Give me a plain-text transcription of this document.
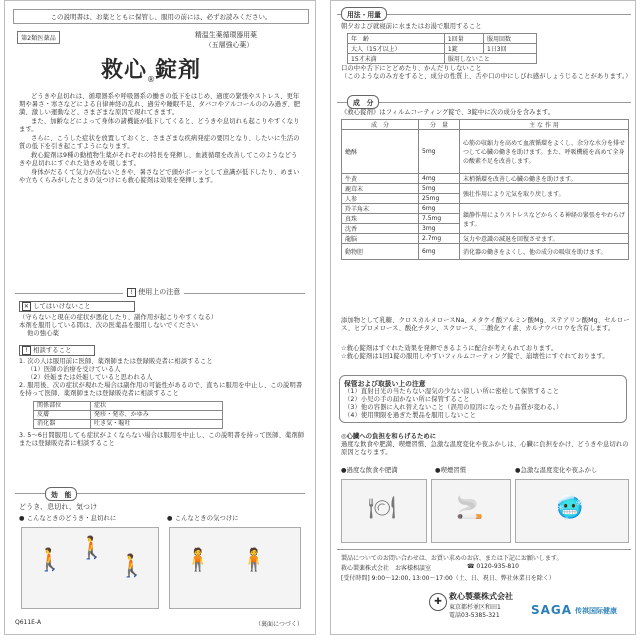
この説明書は、お薬とともに保管し、服用の前には、必ずお読みください。
第2類医薬品	精温生薬循環器用薬
（五層強心薬）
救心®錠剤

どうきや息切れは、循環器系や呼吸器系の働きの低下をはじめ、過度の緊張やストレス、更年期や暑さ・寒さなどによる自律神経の乱れ、過労や睡眠不足、タバコやアルコールののみ過ぎ、肥満、激しい運動など、さまざまな原因で現れてきます。

また、加齢などによって身体の諸機能が低下してくると、どうきや息切れも起こりやすくなります。

さらに、こうした症状を放置しておくと、さまざまな疾病発症の要因となり、したいに生活の質の低下を引き起こすようになります。

救心錠剤は9種の動植物生薬がそれぞれの特長を発揮し、血液循環を改善してこのようなどうきや息切れにすぐれた効きめを現します。

身体がだるくて気力が出ないときや、暑さなどで頭がボーッとして意識が低下したり、めまいや立ちくらみがしたときの気つけにも救心錠剤は効果を発揮します。

! 使用上の注意
✕ してはいけないこと
（守らないと現在の症状が悪化したり、副作用が起こりやすくなる）
本剤を服用している間は、次の医薬品を服用しないでください
他の強心薬
! 相談すること
1. 次の人は服用前に医師、薬剤師または登録販売者に相談すること
（1）医師の治療を受けている人
（2）妊娠または妊娠していると思われる人
2. 服用後、次の症状が現れた場合は副作用の可能性があるので、直ちに服用を中止し、この説明書を持って医師、薬剤師または登録販売者に相談すること
関係部位	症状
皮膚	発疹・発赤、かゆみ
消化器	吐き気・嘔吐
3. 5〜6日間服用しても症状がよくならない場合は服用を中止し、この説明書を持って医師、薬剤師または登録販売者に相談すること
効　能
どうき、息切れ、気つけ
● こんなときのどうき・息切れに	● こんなときの気つけに
🚶 🚶
🚶 🧍 🧍
Q611E-A	（裏面につづく）
用法・用量
朝夕および就寝前に水またはお湯で服用すること
年　齢	1回量	服用回数
大人（15才以上）	1錠	1日3回
15才未満	服用しないこと	
口の中や舌下にとどめたり、かんだりしないこと
（このようなのみ方をすると、成分の性質上、舌や口の中にしびれ感がしょうじることがあります。）
成　分
《救心錠剤》はフィルムコーティング錠で、3錠中に次の成分を含みます。
成　分	分　量	主 な 作 用
蟾酥	5mg	心筋の収縮力を高めて血液循環をよくし、余分な水分を排せつして心臓の働きを助けます。また、呼吸機能を高めて全身の酸素不足を改善します。
牛黄	4mg	末梢循環を改善し心臓の働きを助けます。
鹿茸末	5mg	強壮作用により元気を取り戻します。
人参	25mg	
羚羊角末	6mg	鎮静作用によりストレスなどからくる神経の緊張をやわらげます。
真珠	7.5mg	
沈香	3mg	
龍脳	2.7mg	気力や意識の減退を回復させます。
動物胆	6mg	消化器の働きをよくし、他の成分の吸収を助けます。
添加物として乳糖、クロスカルメロースNa、メタケイ酸アルミン酸Mg、ステアリン酸Mg、セルロース、ヒプロメロース、酸化チタン、スクロース、二酸化ケイ素、カルナウバロウを含有します。
☆救心錠剤はすぐれた効果を発揮できるように配合が考えられております。
☆救心錠剤は1回1錠の服用しやすいフィルムコーティング錠で、崩壊性にすぐれております。
保管および取扱い上の注意
（1）直射日光の当たらない湿気の少ない涼しい所に密栓して保管すること
（2）小児の手の届かない所に保管すること
（3）他の容器に入れ替えないこと（誤用の原因になったり品質が変わる。）
（4）使用期限を過ぎた製品を服用しないこと
◎心臓への負担を和らげるために
過度な飲食や肥満、喫煙習慣、急激な温度変化や夜ふかしは、心臓に負担をかけ、どうきや息切れの原因となります。
●過度な飲食や肥満	●喫煙習慣	●急激な温度変化や夜ふかし
🍽	🚬	🥶
製品についてのお問い合わせは、お買い求めのお店、または下記にお願いします。
救心製薬株式会社　お客様相談室	☎ 0120-935-810
[受付時間] 9:00〜12:00, 13:00〜17:00（土、日、祝日、弊社休業日を除く）
✚
救心製薬株式会社
東京都杉並区和田1
電話03-5385-321	SAGA 传祺国际健康
